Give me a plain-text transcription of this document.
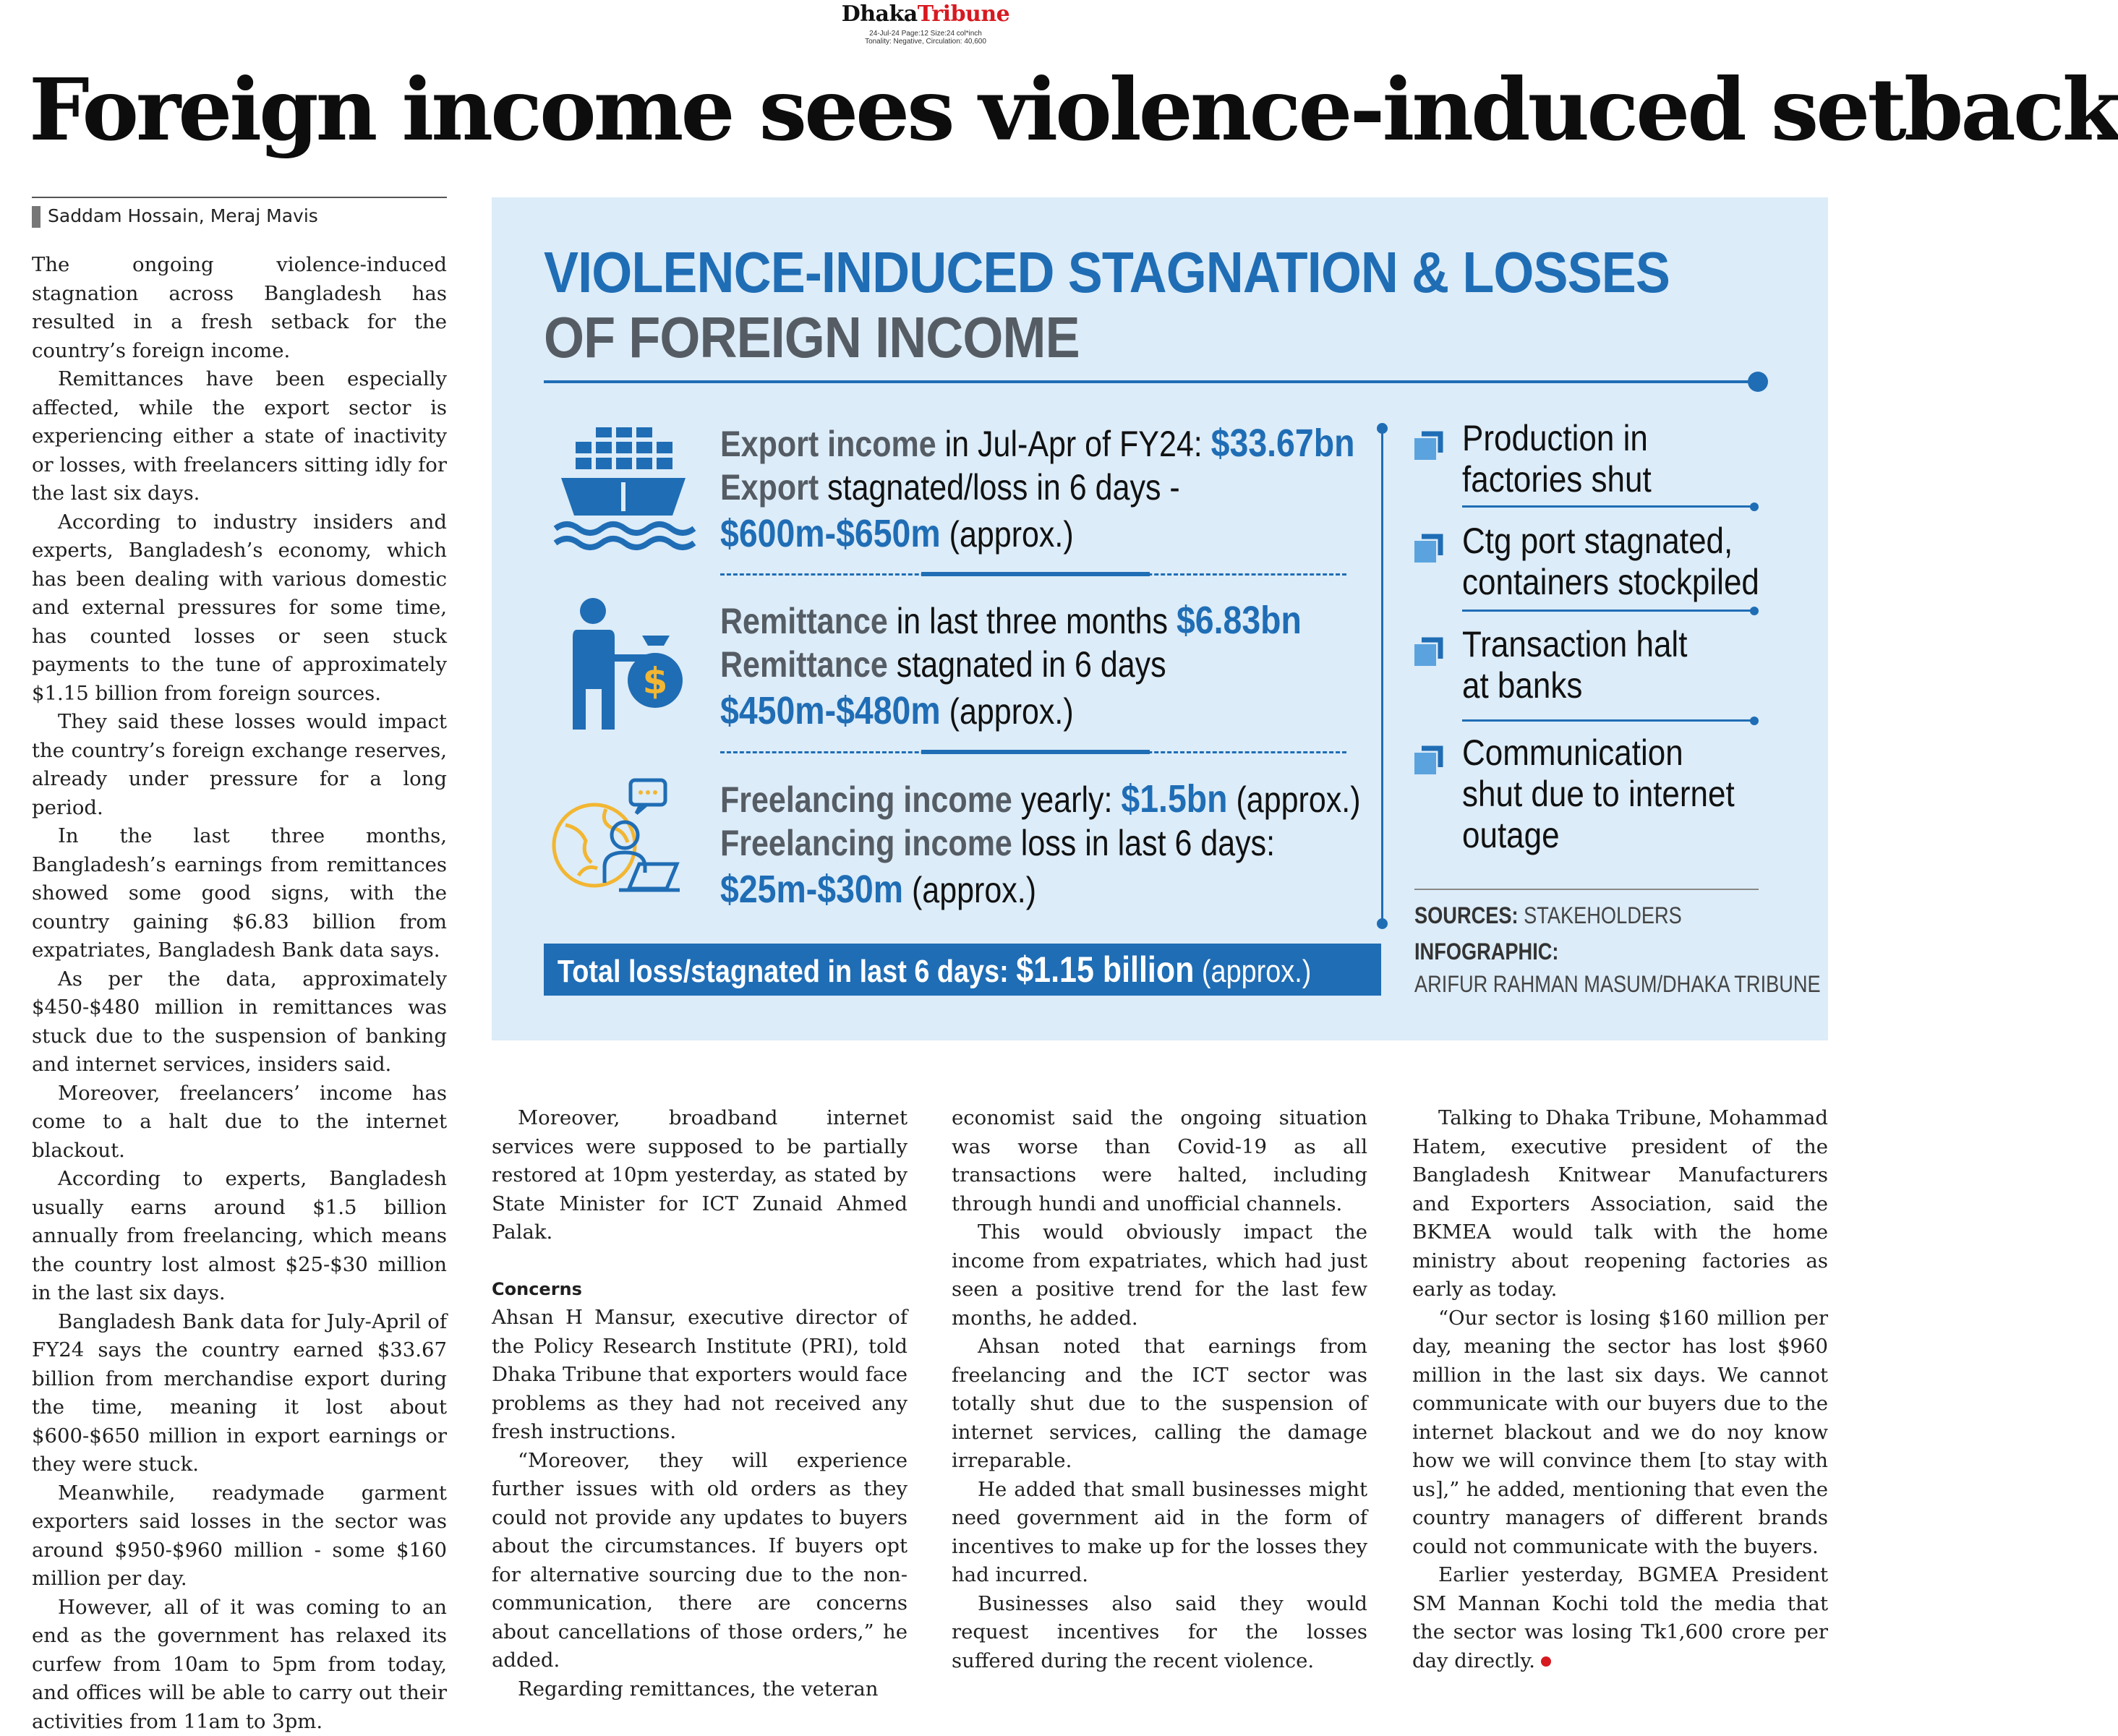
DhakaTribune
24-Jul-24 Page:12 Size:24 col*inch
Tonality: Negative, Circulation: 40,600
Foreign income sees violence-induced setback
Saddam Hossain, Meraj Mavis

The ongoing violence-induced stagnation across Bangladesh has resulted in a fresh setback for the country’s foreign income.

Remittances have been especially affected, while the export sector is experiencing either a state of inactivity or losses, with freelancers sitting idly for the last six days.

According to industry insiders and experts, Bangladesh’s economy, which has been dealing with various domestic and external pressures for some time, has counted losses or seen stuck payments to the tune of approximately $1.15 billion from foreign sources.

They said these losses would impact the country’s foreign exchange reserves, already under pressure for a long period.

In the last three months, Bangladesh’s earnings from remittances showed some good signs, with the country gaining $6.83 billion from expatriates, Bangladesh Bank data says.

As per the data, approximately $450-$480 million in remittances was stuck due to the suspension of banking and internet services, insiders said.

Moreover, freelancers’ income has come to a halt due to the internet blackout.

According to experts, Bangladesh usually earns around $1.5 billion annually from freelancing, which means the country lost almost $25-$30 million in the last six days.

Bangladesh Bank data for July-April of FY24 says the country earned $33.67 billion from merchandise export during the time, meaning it lost about $600-$650 million in export earnings or they were stuck.

Meanwhile, readymade garment exporters said losses in the sector was around $950-$960 million - some $160 million per day.

However, all of it was coming to an end as the government has relaxed its curfew from 10am to 5pm from today, and offices will be able to carry out their activities from 11am to 3pm.

VIOLENCE-INDUCED STAGNATION & LOSSES
OF FOREIGN INCOME
Export income in Jul-Apr of FY24: $33.67bn
Export stagnated/loss in 6 days -
$600m-$650m (approx.)
$
Remittance in last three months $6.83bn
Remittance stagnated in 6 days
$450m-$480m (approx.)
Freelancing income yearly: $1.5bn (approx.)
Freelancing income loss in last 6 days:
$25m-$30m (approx.)
Total loss/stagnated in last 6 days: $1.15 billion (approx.)
Production in
factories shut
Ctg port stagnated,
containers stockpiled
Transaction halt
at banks
Communication
shut due to internet
outage
SOURCES: STAKEHOLDERS
INFOGRAPHIC:
ARIFUR RAHMAN MASUM/DHAKA TRIBUNE

Moreover, broadband internet services were supposed to be partially restored at 10pm yesterday, as stated by State Minister for ICT Zunaid Ahmed Palak.

Concerns

Ahsan H Mansur, executive director of the Policy Research Institute (PRI), told Dhaka Tribune that exporters would face problems as they had not received any fresh instructions.

“Moreover, they will experience further issues with old orders as they could not provide any updates to buyers about the circumstances. If buyers opt for alternative sourcing due to the non-communication, there are concerns about cancellations of those orders,” he added.

Regarding remittances, the veteran

economist said the ongoing situation was worse than Covid-19 as all transactions were halted, including through hundi and unofficial channels.

This would obviously impact the income from expatriates, which had just seen a positive trend for the last few months, he added.

Ahsan noted that earnings from freelancing and the ICT sector was totally shut due to the suspension of internet services, calling the damage irreparable.

He added that small businesses might need government aid in the form of incentives to make up for the losses they had incurred.

Businesses also said they would request incentives for the losses suffered during the recent violence.

Talking to Dhaka Tribune, Mohammad Hatem, executive president of the Bangladesh Knitwear Manufacturers and Exporters Association, said the BKMEA would talk with the home ministry about reopening factories as early as today.

“Our sector is losing $160 million per day, meaning the sector has lost $960 million in the last six days. We cannot communicate with our buyers due to the internet blackout and we do noy know how we will convince them [to stay with us],” he added, mentioning that even the country managers of different brands could not communicate with the buyers.

Earlier yesterday, BGMEA President SM Mannan Kochi told the media that the sector was losing Tk1,600 crore per day directly.
